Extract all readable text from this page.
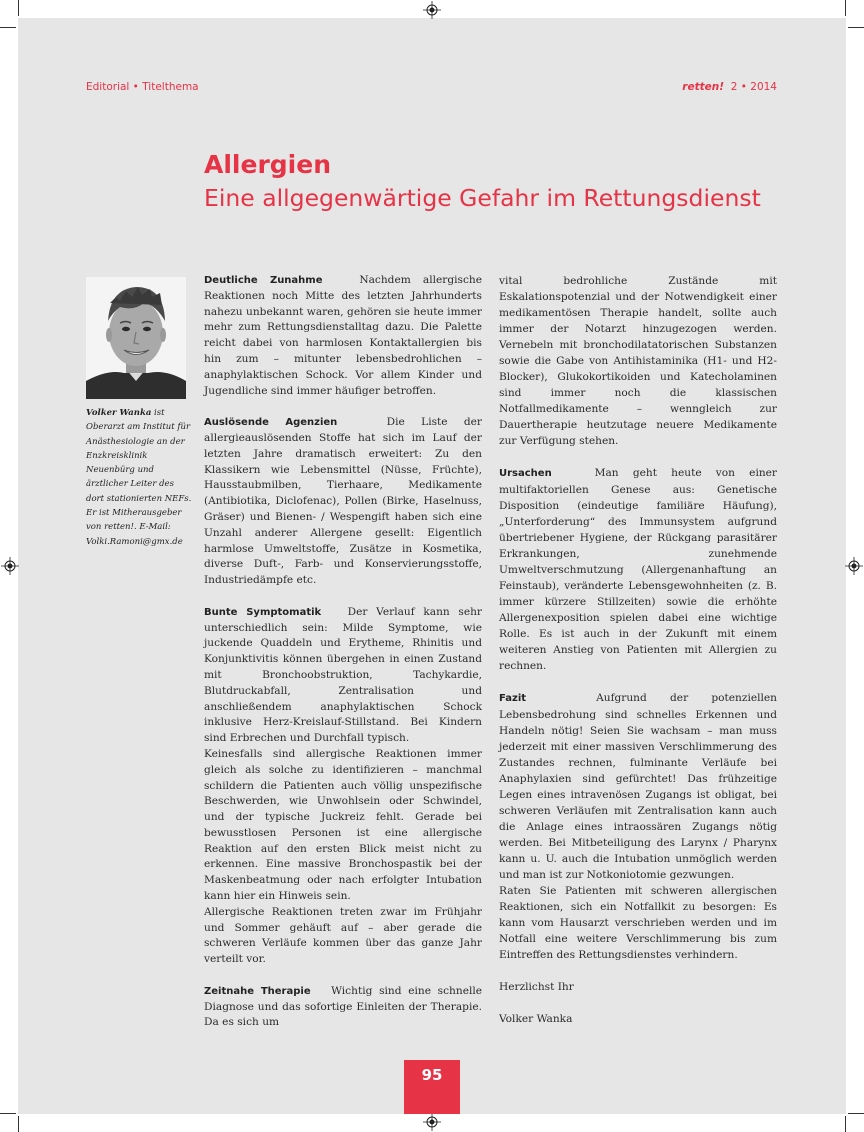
Editorial • Titelthema	retten! 2 • 2014
Allergien
Eine allgegenwärtige Gefahr im Rettungsdienst
Volker Wanka ist Oberarzt am Institut für Anästhesiologie an der Enzkreisklinik Neuenbürg und ärztlicher Leiter des dort stationierten NEFs. Er ist Mitherausgeber von retten!. E-Mail: Volki.Ramoni@gmx.de

Deutliche Zunahme	Nachdem allergische Reaktionen noch Mitte des letzten Jahrhunderts nahezu unbekannt waren, gehören sie heute immer mehr zum Rettungsdienstalltag dazu. Die Palette reicht dabei von harmlosen Kontaktallergien bis hin zum – mitunter lebensbedrohlichen – anaphylaktischen Schock. Vor allem Kinder und Jugendliche sind immer häufiger betroffen.

Auslösende Agenzien	Die Liste der allergieauslösenden Stoffe hat sich im Lauf der letzten Jahre dramatisch erweitert: Zu den Klassikern wie Lebensmittel (Nüsse, Früchte), Hausstaubmilben, Tierhaare, Medikamente (Antibiotika, Diclofenac), Pollen (Birke, Haselnuss, Gräser) und Bienen- / Wespengift haben sich eine Unzahl anderer Allergene gesellt: Eigentlich harmlose Umweltstoffe, Zusätze in Kosmetika, diverse Duft-, Farb- und Konservierungsstoffe, Industriedämpfe etc.

Bunte Symptomatik Der Verlauf kann sehr unterschiedlich sein: Milde Symptome, wie juckende Quaddeln und Erytheme, Rhinitis und Konjunktivitis können übergehen in einen Zustand mit Bronchoobstruktion, Tachykardie, Blutdruckabfall, Zentralisation und anschließendem anaphylaktischen Schock inklusive Herz-Kreislauf-Stillstand. Bei Kindern sind Erbrechen und Durchfall typisch.

Keinesfalls sind allergische Reaktionen immer gleich als solche zu identifizieren – manchmal schildern die Patienten auch völlig unspezifische Beschwerden, wie Unwohlsein oder Schwindel, und der typische Juckreiz fehlt. Gerade bei bewusstlosen Personen ist eine allergische Reaktion auf den ersten Blick meist nicht zu erkennen. Eine massive Bronchospastik bei der Maskenbeatmung oder nach erfolgter Intubation kann hier ein Hinweis sein.

Allergische Reaktionen treten zwar im Frühjahr und Sommer gehäuft auf – aber gerade die schweren Verläufe kommen über das ganze Jahr verteilt vor.

Zeitnahe Therapie Wichtig sind eine schnelle Diagnose und das sofortige Einleiten der Therapie. Da es sich um

vital bedrohliche Zustände mit Eskalationspotenzial und der Notwendigkeit einer medikamentösen Therapie handelt, sollte auch immer der Notarzt hinzugezogen werden. Vernebeln mit bronchodilatatorischen Substanzen sowie die Gabe von Antihistaminika (H1- und H2-Blocker), Glukokortikoiden und Katecholaminen sind immer noch die klassischen Notfallmedikamente – wenngleich zur Dauertherapie heutzutage neuere Medikamente zur Verfügung stehen.

Ursachen	Man geht heute von einer multifaktoriellen Genese aus: Genetische Disposition (eindeutige familiäre Häufung), „Unterforderung“ des Immunsystem aufgrund übertriebener Hygiene, der Rückgang parasitärer Erkrankungen, zunehmende Umweltverschmutzung (Allergenanhaftung an Feinstaub), veränderte Lebensgewohnheiten (z. B. immer kürzere Stillzeiten) sowie die erhöhte Allergenexposition spielen dabei eine wichtige Rolle. Es ist auch in der Zukunft mit einem weiteren Anstieg von Patienten mit Allergien zu rechnen.

Fazit	Aufgrund der potenziellen Lebensbedrohung sind schnelles Erkennen und Handeln nötig! Seien Sie wachsam – man muss jederzeit mit einer massiven Verschlimmerung des Zustandes rechnen, fulminante Verläufe bei Anaphylaxien sind gefürchtet! Das frühzeitige Legen eines intravenösen Zugangs ist obligat, bei schweren Verläufen mit Zentralisation kann auch die Anlage eines intraossären Zugangs nötig werden. Bei Mitbeteiligung des Larynx / Pharynx kann u. U. auch die Intubation unmöglich werden und man ist zur Notkoniotomie gezwungen.

Raten Sie Patienten mit schweren allergischen Reaktionen, sich ein Notfallkit zu besorgen: Es kann vom Hausarzt verschrieben werden und im Notfall eine weitere Verschlimmerung bis zum Eintreffen des Rettungsdienstes verhindern.

Herzlichst Ihr

Volker Wanka

95
